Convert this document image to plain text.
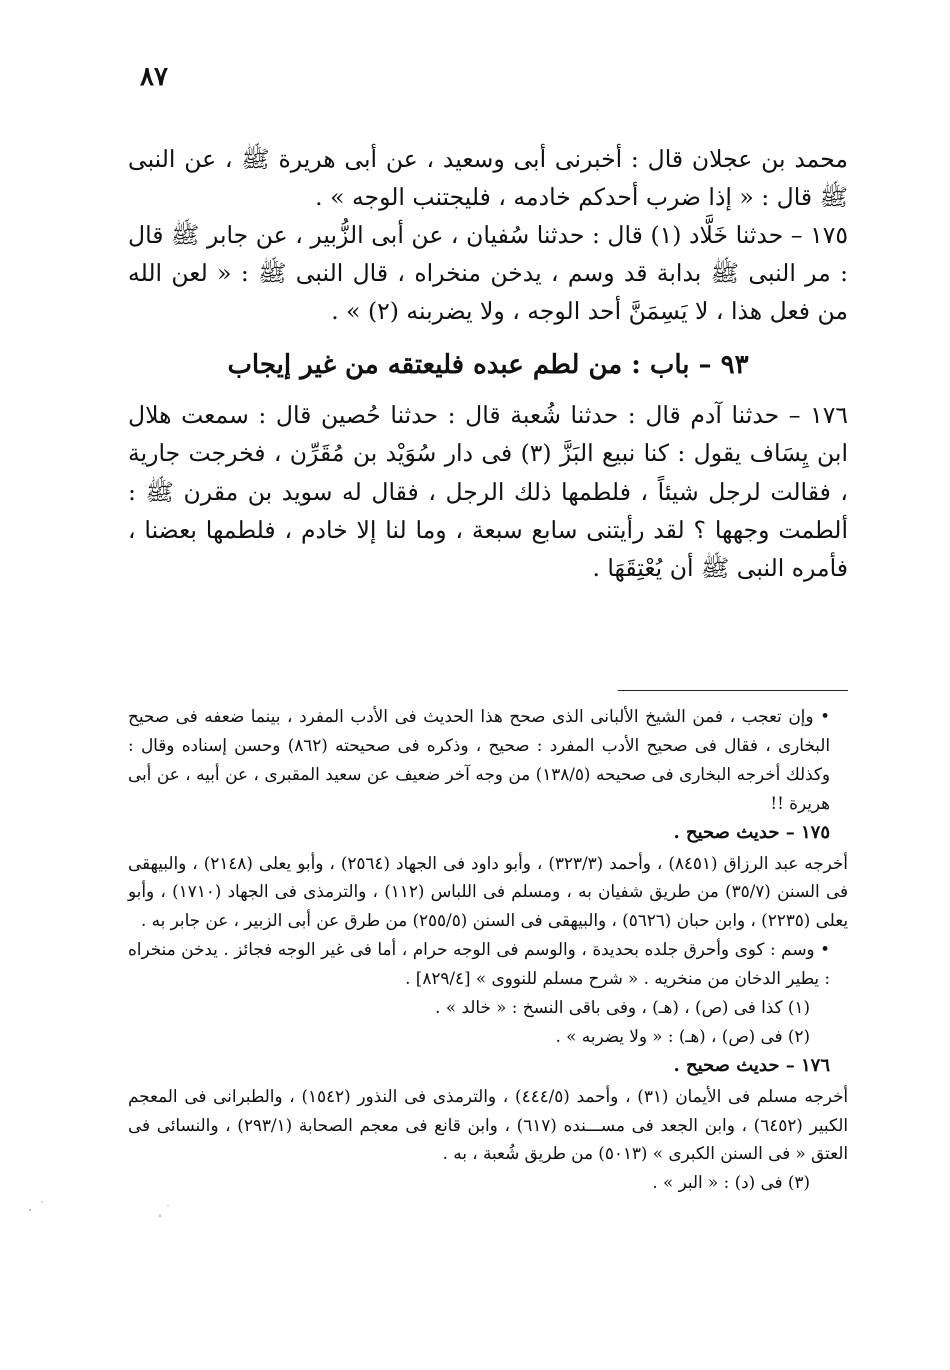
٨٧

محمد بن عجلان قال : أخبرنى أبى وسعيد ، عن أبى هريرة ﷺ ، عن النبى ﷺ قال : « إذا ضرب أحدكم خادمه ، فليجتنب الوجه » .

١٧٥ – حدثنا خَلَّاد (١) قال : حدثنا سُفيان ، عن أبى الزُّبير ، عن جابر ﷺ قال : مر النبى ﷺ بدابة قد وسم ، يدخن منخراه ، قال النبى ﷺ : « لعن الله من فعل هذا ، لا يَسِمَنَّ أحد الوجه ، ولا يضربنه (٢) » .

٩٣ – باب : من لطم عبده فليعتقه من غير إيجاب

١٧٦ – حدثنا آدم قال : حدثنا شُعبة قال : حدثنا حُصين قال : سمعت هلال ابن يِسَاف يقول : كنا نبيع البَزَّ (٣) فى دار سُوَيْد بن مُقَرِّن ، فخرجت جارية ، فقالت لرجل شيئاً ، فلطمها ذلك الرجل ، فقال له سويد بن مقرن ﷺ : ألطمت وجهها ؟ لقد رأيتنى سابع سبعة ، وما لنا إلا خادم ، فلطمها بعضنا ، فأمره النبى ﷺ أن يُعْتِقَهَا .

• وإن تعجب ، فمن الشيخ الألبانى الذى صحح هذا الحديث فى الأدب المفرد ، بينما ضعفه فى صحيح البخارى ، فقال فى صحيح الأدب المفرد : صحيح ، وذكره فى صحيحته (٨٦٢) وحسن إسناده وقال : وكذلك أخرجه البخارى فى صحيحه (١٣٨/٥) من وجه آخر ضعيف عن سعيد المقبرى ، عن أبيه ، عن أبى هريرة !!

١٧٥ – حديث صحيح .

أخرجه عبد الرزاق (٨٤٥١) ، وأحمد (٣٢٣/٣) ، وأبو داود فى الجهاد (٢٥٦٤) ، وأبو يعلى (٢١٤٨) ، والبيهقى فى السنن (٣٥/٧) من طريق شفيان به ، ومسلم فى اللباس (١١٢) ، والترمذى فى الجهاد (١٧١٠) ، وأبو يعلى (٢٢٣٥) ، وابن حبان (٥٦٢٦) ، والبيهقى فى السنن (٢٥٥/٥) من طرق عن أبى الزبير ، عن جابر به .

• وسم : كوى وأحرق جلده بحديدة ، والوسم فى الوجه حرام ، أما فى غير الوجه فجائز . يدخن منخراه : يطير الدخان من منخريه . « شرح مسلم للنووى » [٨٢٩/٤] .

(١) كذا فى (ص) ، (هـ) ، وفى باقى النسخ : « خالد » .

(٢) فى (ص) ، (هـ) : « ولا يضربه » .

١٧٦ – حديث صحيح .

أخرجه مسلم فى الأيمان (٣١) ، وأحمد (٤٤٤/٥) ، والترمذى فى النذور (١٥٤٢) ، والطبرانى فى المعجم الكبير (٦٤٥٢) ، وابن الجعد فى مســـنده (٦١٧) ، وابن قانع فى معجم الصحابة (٢٩٣/١) ، والنسائى فى العتق « فى السنن الكبرى » (٥٠١٣) من طريق شُعبة ، به .

(٣) فى (د) : « البر » .
